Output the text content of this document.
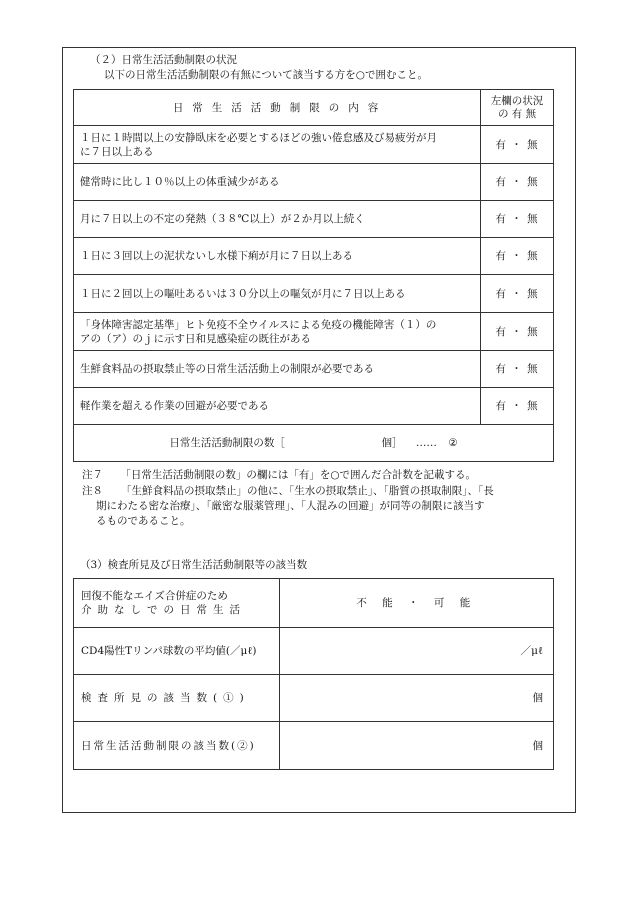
（２）日常生活活動制限の状況
以下の日常生活活動制限の有無について該当する方を○で囲むこと。
日常生活活動制限の内容	左欄の状況
の 有 無

１日に１時間以上の安静臥床を必要とするほどの強い倦怠感及び易疲労が月
に７日以上ある	有 ・ 無
健常時に比し１０％以上の体重減少がある	有 ・ 無
月に７日以上の不定の発熱（３８℃以上）が２か月以上続く	有 ・ 無
１日に３回以上の泥状ないし水様下痢が月に７日以上ある	有 ・ 無
１日に２回以上の嘔吐あるいは３０分以上の嘔気が月に７日以上ある	有 ・ 無

「身体障害認定基準」ヒト免疫不全ウイルスによる免疫の機能障害（１）の
アの（ア）のｊに示す日和見感染症の既往がある	有 ・ 無
生鮮食料品の摂取禁止等の日常生活活動上の制限が必要である	有 ・ 無
軽作業を超える作業の回避が必要である	有 ・ 無
日常生活活動制限の数［ 個］ …… ②	
注７ 「日常生活活動制限の数」の欄には「有」を○で囲んだ合計数を記載する。
注８ 「生鮮食料品の摂取禁止」の他に、「生水の摂取禁止」、「脂質の摂取制限」、「長
期にわたる密な治療」、「厳密な服薬管理」、「人混みの回避」が同等の制限に該当す
るものであること。
（3）検査所見及び日常生活活動制限等の該当数
回復不能なエイズ合併症のため
介助なしでの日常生活	不 能 ・ 可 能
CD4陽性Tリンパ球数の平均値(／μℓ)	／μℓ
検査所見の該当数(①)	個
日常生活活動制限の該当数(②)	個
